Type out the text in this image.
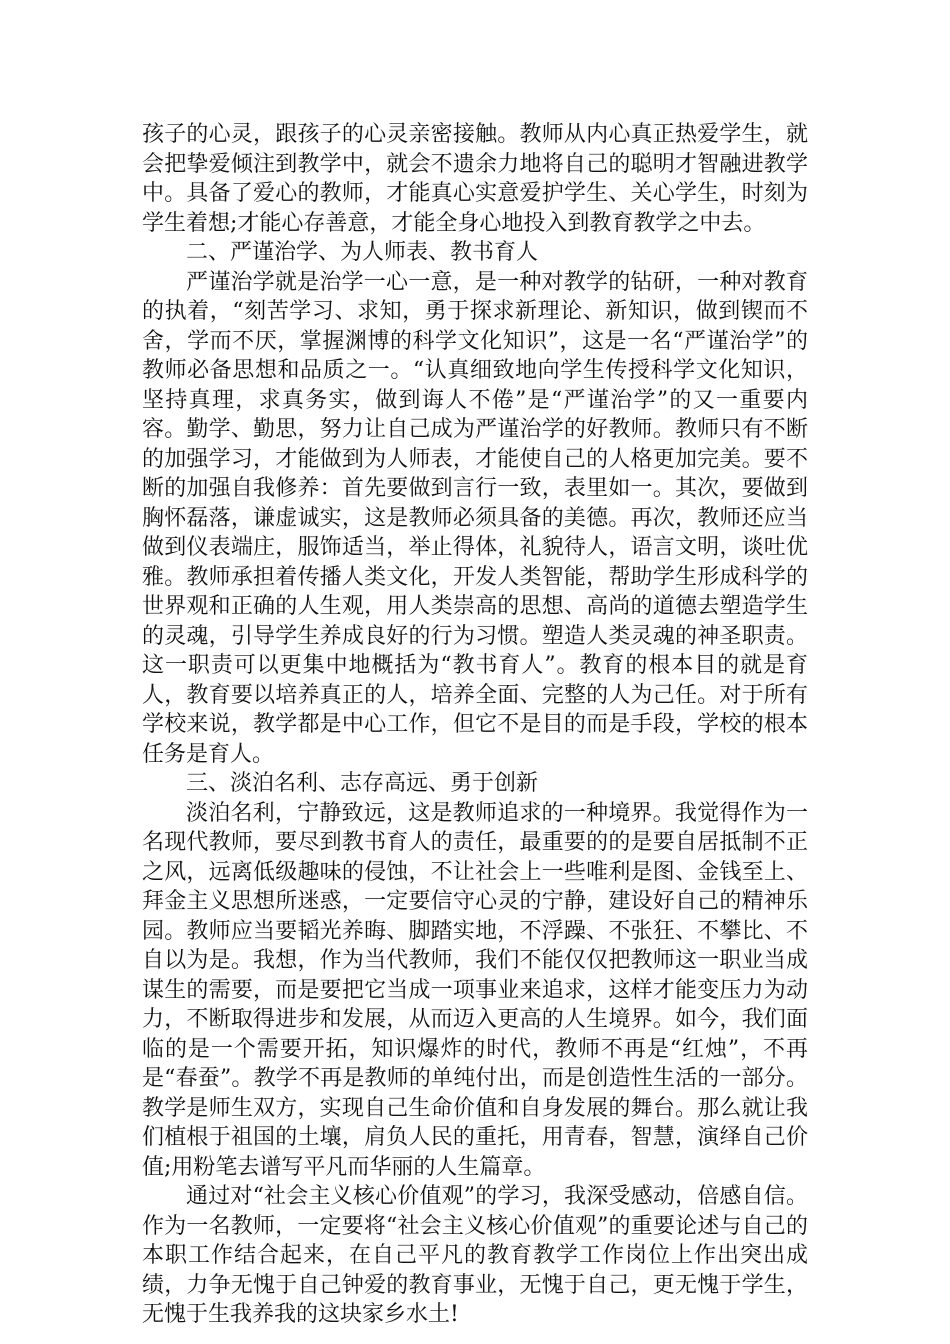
孩子的心灵，跟孩子的心灵亲密接触。教师从内心真正热爱学生，就会把挚爱倾注到教学中，就会不遗余力地将自己的聪明才智融进教学中。具备了爱心的教师，才能真心实意爱护学生、关心学生，时刻为学生着想;才能心存善意，才能全身心地投入到教育教学之中去。

二、严谨治学、为人师表、教书育人

严谨治学就是治学一心一意，是一种对教学的钻研，一种对教育的执着，“刻苦学习、求知，勇于探求新理论、新知识，做到锲而不舍，学而不厌，掌握渊博的科学文化知识”，这是一名“严谨治学”的教师必备思想和品质之一。“认真细致地向学生传授科学文化知识，坚持真理，求真务实，做到诲人不倦”是“严谨治学”的又一重要内容。勤学、勤思，努力让自己成为严谨治学的好教师。教师只有不断的加强学习，才能做到为人师表，才能使自己的人格更加完美。要不断的加强自我修养：首先要做到言行一致，表里如一。其次，要做到胸怀磊落，谦虚诚实，这是教师必须具备的美德。再次，教师还应当做到仪表端庄，服饰适当，举止得体，礼貌待人，语言文明，谈吐优雅。教师承担着传播人类文化，开发人类智能，帮助学生形成科学的世界观和正确的人生观，用人类崇高的思想、高尚的道德去塑造学生的灵魂，引导学生养成良好的行为习惯。塑造人类灵魂的神圣职责。这一职责可以更集中地概括为“教书育人”。教育的根本目的就是育人，教育要以培养真正的人，培养全面、完整的人为己任。对于所有学校来说，教学都是中心工作，但它不是目的而是手段，学校的根本任务是育人。

三、淡泊名利、志存高远、勇于创新

淡泊名利，宁静致远，这是教师追求的一种境界。我觉得作为一名现代教师，要尽到教书育人的责任，最重要的的是要自居抵制不正之风，远离低级趣味的侵蚀，不让社会上一些唯利是图、金钱至上、拜金主义思想所迷惑，一定要信守心灵的宁静，建设好自己的精神乐园。教师应当要韬光养晦、脚踏实地，不浮躁、不张狂、不攀比、不自以为是。我想，作为当代教师，我们不能仅仅把教师这一职业当成谋生的需要，而是要把它当成一项事业来追求，这样才能变压力为动力，不断取得进步和发展，从而迈入更高的人生境界。如今，我们面临的是一个需要开拓，知识爆炸的时代，教师不再是“红烛”，不再是“春蚕”。教学不再是教师的单纯付出，而是创造性生活的一部分。教学是师生双方，实现自己生命价值和自身发展的舞台。那么就让我们植根于祖国的土壤，肩负人民的重托，用青春，智慧，演绎自己价值;用粉笔去谱写平凡而华丽的人生篇章。

通过对“社会主义核心价值观”的学习，我深受感动，倍感自信。作为一名教师，一定要将“社会主义核心价值观”的重要论述与自己的本职工作结合起来，在自己平凡的教育教学工作岗位上作出突出成绩，力争无愧于自己钟爱的教育事业，无愧于自己，更无愧于学生，无愧于生我养我的这块家乡水土!
